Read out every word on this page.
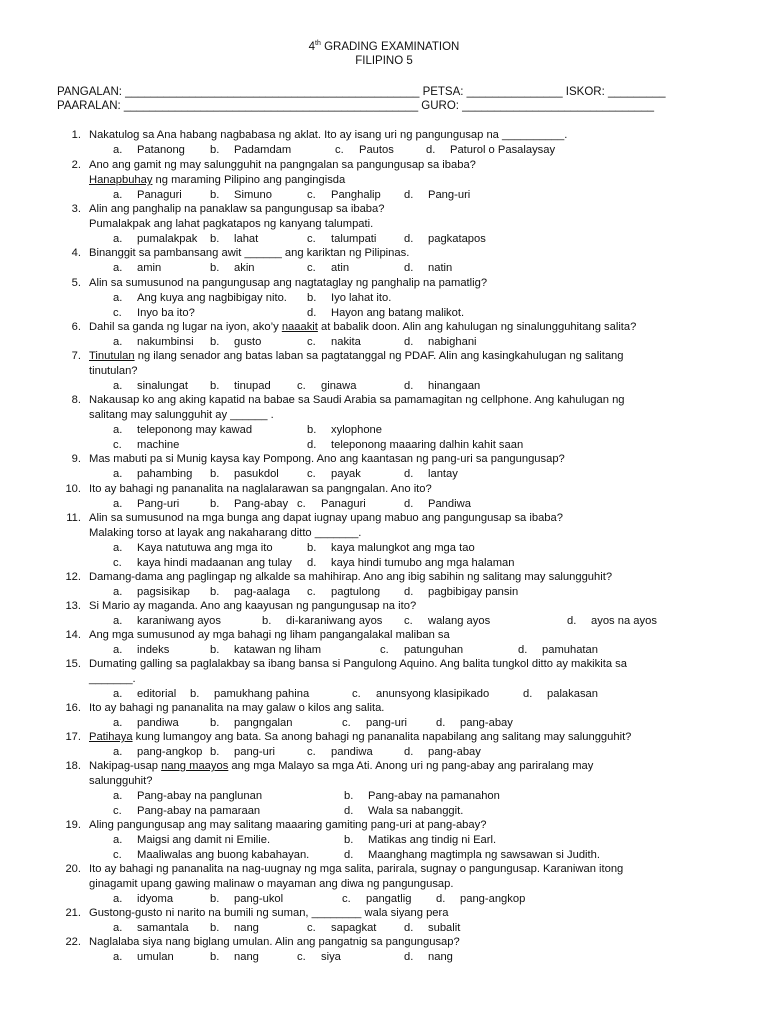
4th GRADING EXAMINATION
FILIPINO 5
PANGALAN: ______________________________________________ PETSA: _______________ ISKOR: _________
PAARALAN: ______________________________________________ GURO: ______________________________
1. Nakatulog sa Ana habang nagbabasa ng aklat. Ito ay isang uri ng pangungusap na __________.
a. Patanong b. Padamdam	c. Pautos	d. Paturol o Pasalaysay
2. Ano ang gamit ng may salungguhit na pangngalan sa pangungusap sa ibaba?
Hanapbuhay ng maraming Pilipino ang pangingisda
a. Panaguri	b. Simuno	c. Panghalip d. Pang-uri
3. Alin ang panghalip na panaklaw sa pangungusap sa ibaba?
Pumalakpak ang lahat pagkatapos ng kanyang talumpati.
a. pumalakpak b. lahat	c. talumpati d. pagkatapos
4. Binanggit sa pambansang awit ______ ang kariktan ng Pilipinas.
a. amin	b. akin	c. atin	d. natin
5. Alin sa sumusunod na pangungusap ang nagtataglay ng panghalip na pamatlig?
a. Ang kuya ang nagbibigay nito. b. Iyo lahat ito.
c. Inyo ba ito?	d. Hayon ang batang malikot.
6. Dahil sa ganda ng lugar na iyon, ako’y naaakit at babalik doon. Alin ang kahulugan ng sinalungguhitang salita?
a. nakumbinsi b. gusto	c. nakita	d. nabighani
7. Tinutulan ng ilang senador ang batas laban sa pagtatanggal ng PDAF. Alin ang kasingkahulugan ng salitang
tinutulan?
a. sinalungat b. tinupad c. ginawa	d. hinangaan
8. Nakausap ko ang aking kapatid na babae sa Saudi Arabia sa pamamagitan ng cellphone. Ang kahulugan ng
salitang may salungguhit ay ______ .
a. teleponong may kawad	b. xylophone
c. machine	d. teleponong maaaring dalhin kahit saan
9. Mas mabuti pa si Munig kaysa kay Pompong. Ano ang kaantasan ng pang-uri sa pangungusap?
a. pahambing b. pasukdol	c. payak	d. lantay
10. Ito ay bahagi ng pananalita na naglalarawan sa pangngalan. Ano ito?
a. Pang-uri	b. Pang-abay c. Panaguri	d. Pandiwa
11. Alin sa sumusunod na mga bunga ang dapat iugnay upang mabuo ang pangungusap sa ibaba?
Malaking torso at layak ang nakaharang ditto _______.
a. Kaya natutuwa ang mga ito	b. kaya malungkot ang mga tao
c. kaya hindi madaanan ang tulay d. kaya hindi tumubo ang mga halaman
12. Damang-dama ang paglingap ng alkalde sa mahihirap. Ano ang ibig sabihin ng salitang may salungguhit?
a. pagsisikap b. pag-aalaga c. pagtulong d. pagbibigay pansin
13. Si Mario ay maganda. Ano ang kaayusan ng pangungusap na ito?
a. karaniwang ayos	b. di-karaniwang ayos c. walang ayos	d. ayos na ayos
14. Ang mga sumusunod ay mga bahagi ng liham pangangalakal maliban sa
a. indeks	b. katawan ng liham	c. patunguhan	d. pamuhatan
15. Dumating galling sa paglalakbay sa ibang bansa si Pangulong Aquino. Ang balita tungkol ditto ay makikita sa
_______.
a. editorial b. pamukhang pahina	c. anunsyong klasipikado	d. palakasan
16. Ito ay bahagi ng pananalita na may galaw o kilos ang salita.
a. pandiwa	b. pangngalan	c. pang-uri	d. pang-abay
17. Patihaya kung lumangoy ang bata. Sa anong bahagi ng pananalita napabilang ang salitang may salungguhit?
a. pang-angkop b. pang-uri	c. pandiwa	d. pang-abay
18. Nakipag-usap nang maayos ang mga Malayo sa mga Ati. Anong uri ng pang-abay ang pariralang may
salungguhit?
a. Pang-abay na panglunan	b. Pang-abay na pamanahon
c. Pang-abay na pamaraan	d. Wala sa nabanggit.
19. Aling pangungusap ang may salitang maaaring gamiting pang-uri at pang-abay?
a. Maigsi ang damit ni Emilie.	b. Matikas ang tindig ni Earl.
c. Maaliwalas ang buong kabahayan.	d. Maanghang magtimpla ng sawsawan si Judith.
20. Ito ay bahagi ng pananalita na nag-uugnay ng mga salita, parirala, sugnay o pangungusap. Karaniwan itong
ginagamit upang gawing malinaw o mayaman ang diwa ng pangungusap.
a. idyoma	b. pang-ukol	c. pangatlig d. pang-angkop
21. Gustong-gusto ni narito na bumili ng suman, ________ wala siyang pera
a. samantala b. nang	c. sapagkat d. subalit
22. Naglalaba siya nang biglang umulan. Alin ang pangatnig sa pangungusap?
a. umulan	b. nang	c. siya	d. nang
